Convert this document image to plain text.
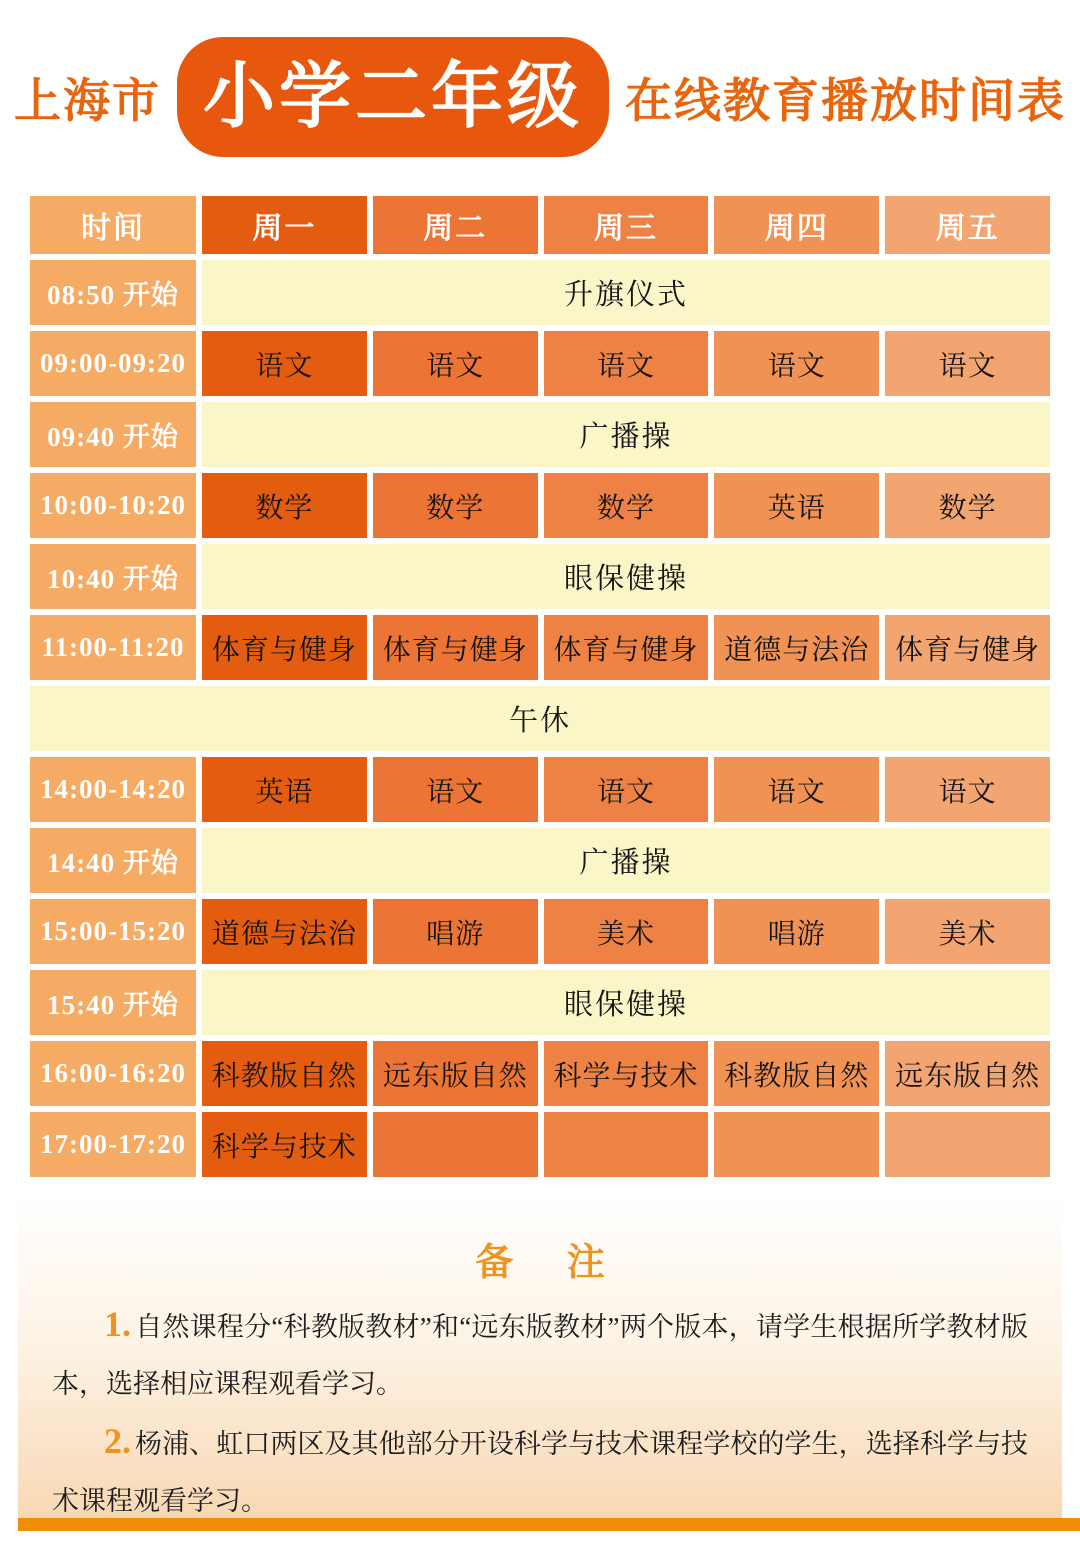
上海市 小学二年级 在线教育播放时间表
时间	周一	周二	周三	周四	周五
08:50 开始	升旗仪式				
09:00-09:20	语文	语文	语文	语文	语文
09:40 开始	广播操				
10:00-10:20	数学	数学	数学	英语	数学
10:40 开始	眼保健操				
11:00-11:20	体育与健身	体育与健身	体育与健身	道德与法治	体育与健身
午休					
14:00-14:20	英语	语文	语文	语文	语文
14:40 开始	广播操				
15:00-15:20	道德与法治	唱游	美术	唱游	美术
15:40 开始	眼保健操				
16:00-16:20	科教版自然	远东版自然	科学与技术	科教版自然	远东版自然
17:00-17:20	科学与技术				
备 注

1. 自然课程分“科教版教材”和“远东版教材”两个版本，请学生根据所学教材版本，选择相应课程观看学习。

2. 杨浦、虹口两区及其他部分开设科学与技术课程学校的学生，选择科学与技术课程观看学习。
